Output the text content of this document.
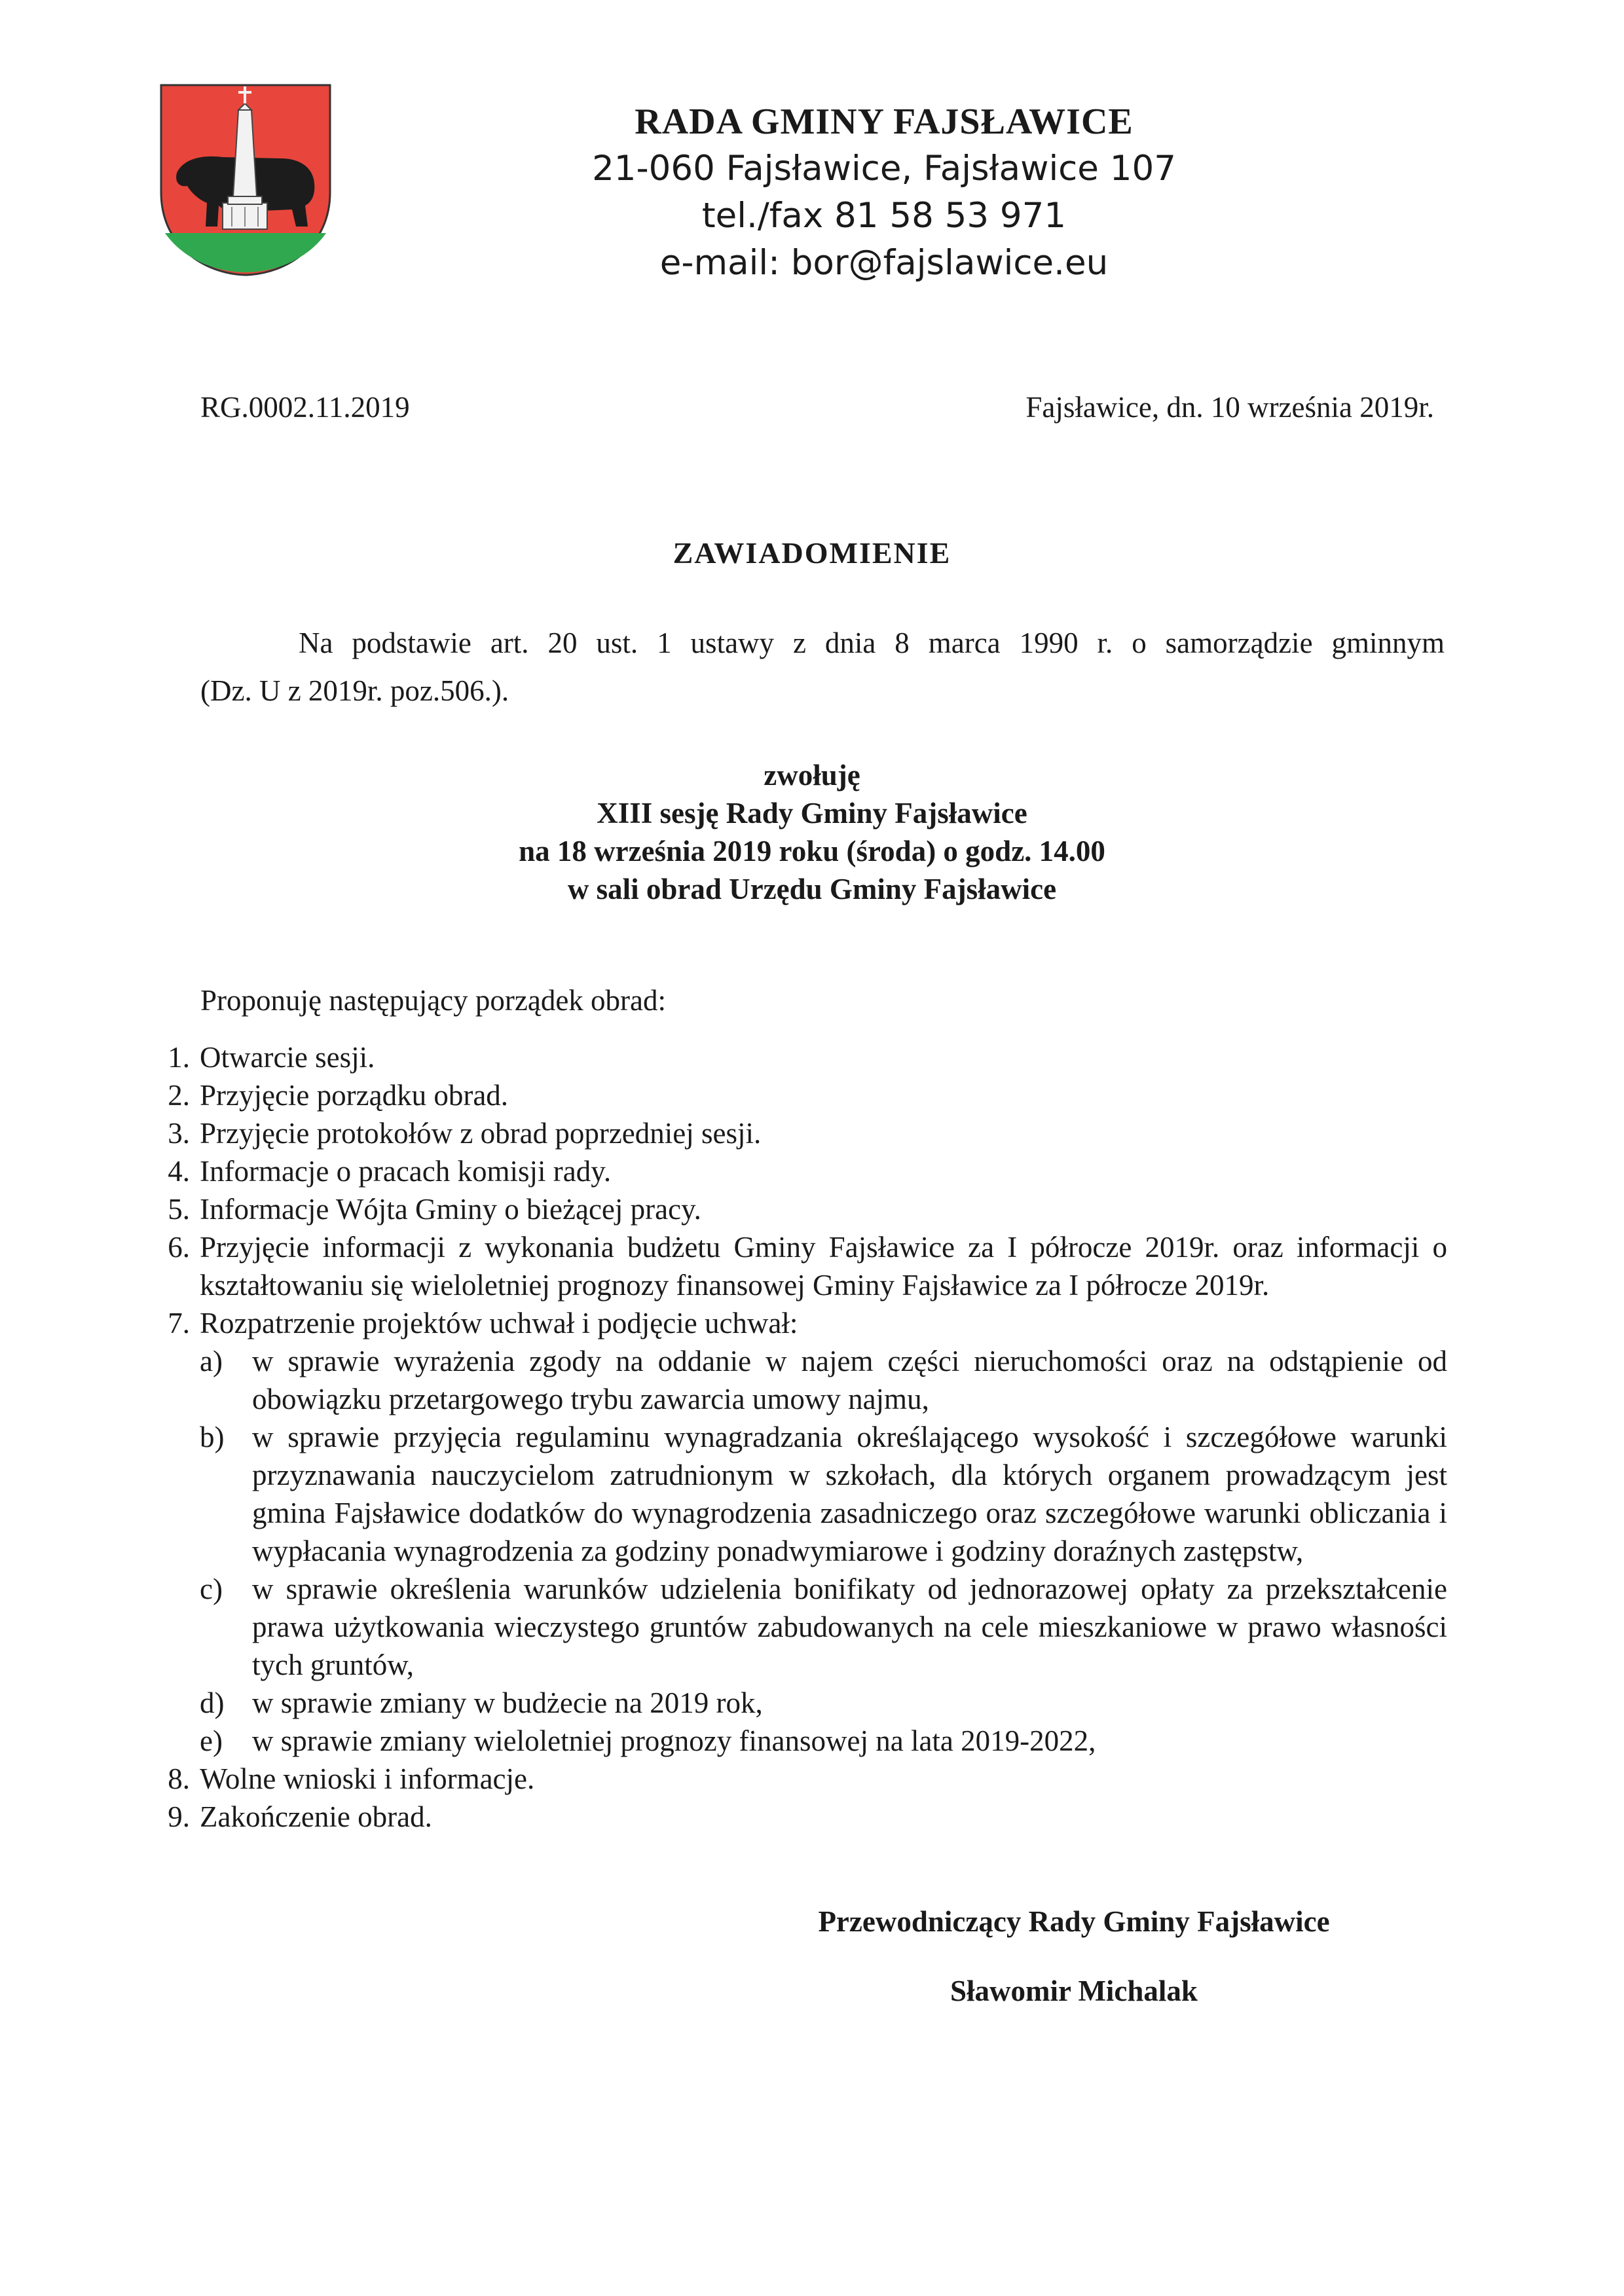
RADA GMINY FAJSŁAWICE
21-060 Fajsławice, Fajsławice 107
tel./fax 81 58 53 971
e-mail: bor@fajslawice.eu
RG.0002.11.2019	Fajsławice, dn. 10 września 2019r.
ZAWIADOMIENIE
Na podstawie art. 20 ust. 1 ustawy z dnia 8 marca 1990 r. o samorządzie gminnym
(Dz. U z 2019r. poz.506.).
zwołuję
XIII sesję Rady Gminy Fajsławice
na 18 września 2019 roku (środa) o godz. 14.00
w sali obrad Urzędu Gminy Fajsławice
Proponuję następujący porządek obrad:
1. Otwarcie sesji.
2. Przyjęcie porządku obrad.
3. Przyjęcie protokołów z obrad poprzedniej sesji.
4. Informacje o pracach komisji rady.
5. Informacje Wójta Gminy o bieżącej pracy.
6. Przyjęcie informacji z wykonania budżetu Gminy Fajsławice za I półrocze 2019r. oraz informacji o kształtowaniu się wieloletniej prognozy finansowej Gminy Fajsławice za I półrocze 2019r.
7. Rozpatrzenie projektów uchwał i podjęcie uchwał:
a)	w sprawie wyrażenia zgody na oddanie w najem części nieruchomości oraz na odstąpienie od obowiązku przetargowego trybu zawarcia umowy najmu,
b) w sprawie przyjęcia regulaminu wynagradzania określającego wysokość i szczegółowe warunki przyznawania nauczycielom zatrudnionym w szkołach, dla których organem prowadzącym jest gmina Fajsławice dodatków do wynagrodzenia zasadniczego oraz szczegółowe warunki obliczania i wypłacania wynagrodzenia za godziny ponadwymiarowe i godziny doraźnych zastępstw,
c)	w sprawie określenia warunków udzielenia bonifikaty od jednorazowej opłaty za przekształcenie prawa użytkowania wieczystego gruntów zabudowanych na cele mieszkaniowe w prawo własności tych gruntów,
d) w sprawie zmiany w budżecie na 2019 rok,
e)	w sprawie zmiany wieloletniej prognozy finansowej na lata 2019-2022,
8. Wolne wnioski i informacje.
9. Zakończenie obrad.
Przewodniczący Rady Gminy Fajsławice
Sławomir Michalak
